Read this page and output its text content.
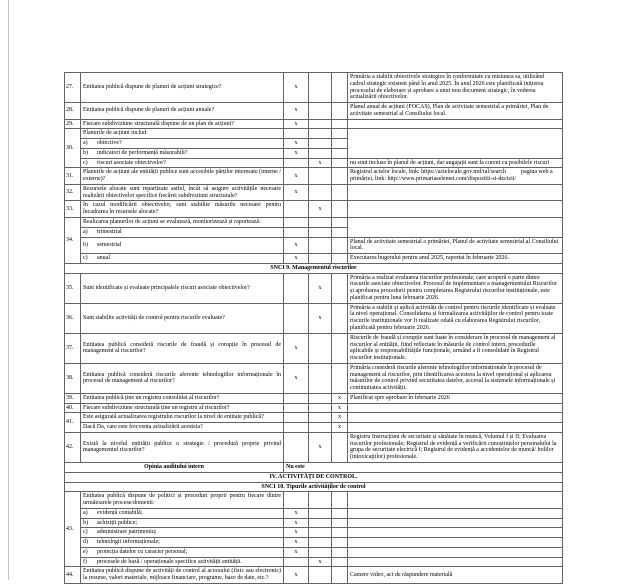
27.	Entitatea publică dispune de planuri de acțiuni strategice?	x			Primăria a stabilit obiectivele strategice în conformitate cu misiunea sa, utilizând cadrul strategic existent până în anul 2025. În anul 2026 este planificată inițierea procesului de elaborare și aprobare a unui nou document strategic, în vederea actualizării obiectivelor.
28.	Entitatea publică dispune de planuri de acțiuni anuale?	x			Planul anual de acțiuni (FOCAS), Plan de activitate semestrial a primăriei, Plan de activitate semestrial al Consiliului local.
29.	Fiecare subdiviziune structurală dispune de un plan de acțiuni?	x			
30.	Planurile de acțiuni includ:				
	a) obiective?	x			
	b) indicatori de performanță măsurabili?	x			
	c) riscuri asociate obiectivelor?		x		nu sunt incluse în planul de acțiuni, dar angajații sunt la curent cu posibilele riscuri
31.	Planurile de acțiuni ale entității publice sunt accesibile părților interesate (interne / externe)?	x			Registrul actelor locale, link: https://actelocale.gov.md/ral/search          pagina web a primăriei, link: http://www.primariaselemet.com/dispozitii-si-decizii/
32.	Resursele alocate sunt repartizate astfel, încât să asigure activitățile necesare realizării obiectivelor specifice fiecărei subdiviziuni structurale?	x			
33.	În cazul modificării obiectivelor, sunt stabilite măsurile necesare pentru încadrarea în resursele alocate?		x		
34.	Realizarea planurilor de acțiuni se evaluează, monitorizează și raportează:				
	a) trimestrial				
	b) semestrial	x			Planul de activitate semestrial a primăriei, Planul de activitate semestrial al Consiliului local.
	c) anual	x			Executarea bugetului pentru anul 2025, raportat în februarie 2026.
SNCI 9. Managementul riscurilor					
35.	Sunt identificate și evaluate principalele riscuri asociate obiectivelor?		x		Primăria a realizat evaluarea riscurilor profesionale, care acoperă o parte dintre riscurile asociate obiectivelor. Procesul de implementare a managementului Riscurilor și aprobarea procedurii pentru completarea Registrului riscurilor instituționale, este planificat pentru luna februarie 2026.
36.	Sunt stabilite activități de control pentru riscurile evaluate?		x		Primăria a stabilit și aplică activități de control pentru riscurile identificate și evaluate la nivel operațional. Consolidarea și formalizarea activităților de control pentru toate riscurile instituționale vor fi realizate odată cu elaborarea Registrului riscurilor, planificată pentru februarie 2026.
37.	Entitatea publică consideră riscurile de fraudă și corupție în procesul de management al riscurilor?	x			Riscurile de fraudă și corupție sunt luate în considerare în procesul de management al riscurilor al entității, fiind reflectate în măsurile de control intern, procedurile aplicabile și responsabilitățile funcționale, urmând a fi consolidate în Registrul riscurilor instituționale.
38.	Entitatea publică consideră riscurile aferente tehnologiilor informaționale în procesul de management al riscurilor?	x			Primăria consideră riscurile aferente tehnologiilor informaționale în procesul de management al riscurilor, prin identificarea acestora la nivel operațional și aplicarea măsurilor de control privind securitatea datelor, accesul la sistemele informaționale și continuitatea activității.
39.	Entitatea publică ține un registru consolidat al riscurilor?			x	Planificat spre aprobare în februarie 2026
40.	Fiecare subdiviziune structurală ține un registru al riscurilor?			x	
41.	Este asigurată actualizarea registrului riscurilor la nivel de entitate publică?			x	
	Dacă Da, care este frecvența actualizării acesteia?			x	
42.	Există la nivelul entității publice o strategie / procedură proprie privind managementul riscurilor?		x		Registru Instrucțiuni de securitate și sănătate în muncă, Volumul I și II; Evaluarea riscurilor profesionale; Registrul de evidență a verificării cunoștințelor personalului la grupa de securitate electrică I; Registrul de evidență a accidentelor de muncă/ bolilor (intoxicațiilor) profesionale.
Opinia auditului intern		Nu este			
IV. ACTIVITĂȚI DE CONTROL.					
SNCI 10. Tipurile activităților de control					
43.	Entitatea publică dispune de politici și proceduri proprii pentru fiecare dintre următoarele procese/domenii:				
	a) evidență contabilă;	x			
	b) achiziții publice;	x			
	c) administrare patrimoniu;	x			
	d) tehnologii informaționale;	x			
	e) protecția datelor cu caracter personal;	x			
	f) procesele de bază / operaționale specifice activității entității.		x		
44.	Entitatea publică dispune de activități de control al accesului (fizic sau electronic) la resurse, valori materiale, mijloace financiare, programe, baze de date, etc.?	x			Camere video, act de răspundere materială
